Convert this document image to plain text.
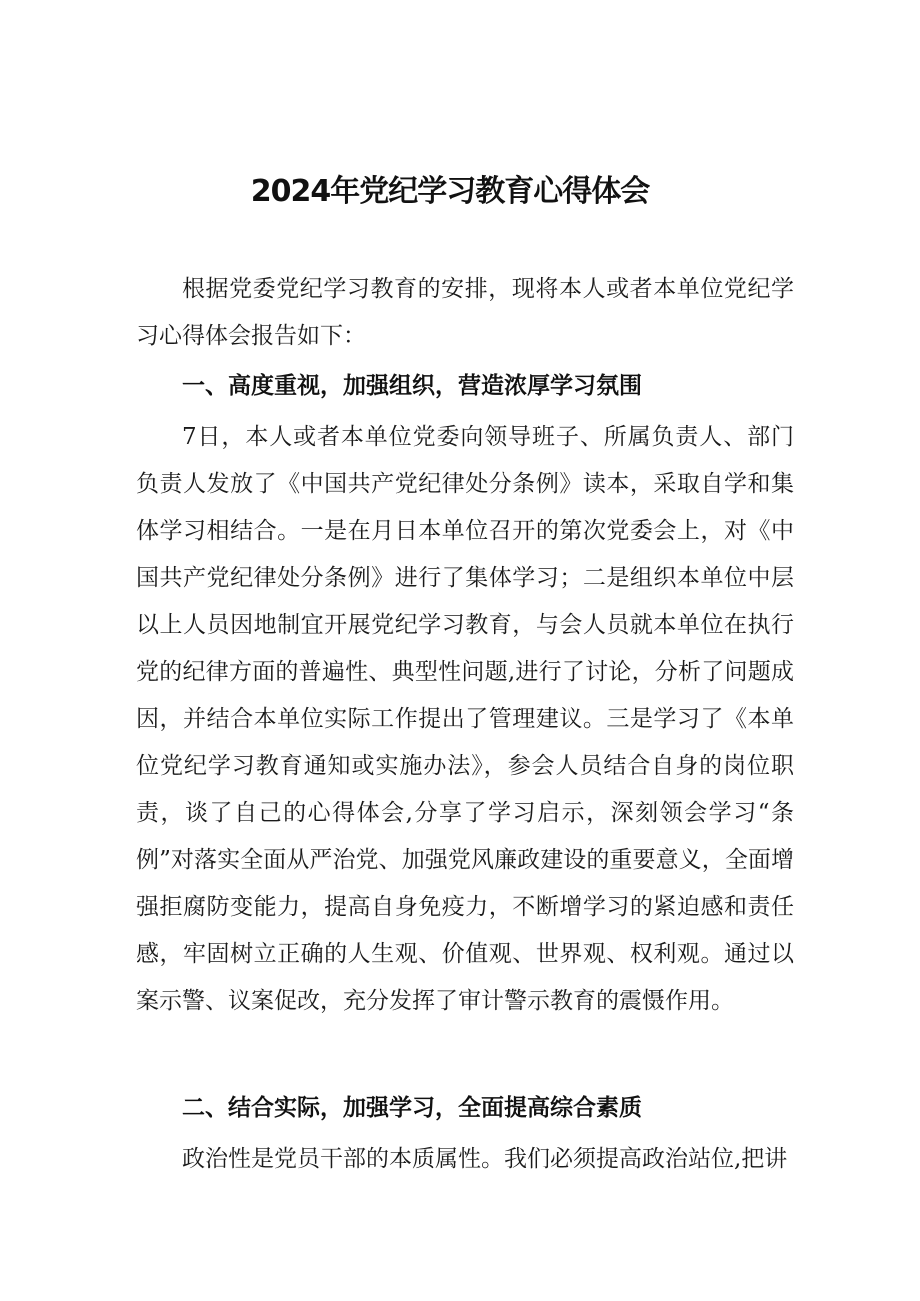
2024年党纪学习教育心得体会

根据党委党纪学习教育的安排，现将本人或者本单位党纪学习心得体会报告如下：

一、高度重视，加强组织，营造浓厚学习氛围

7日，本人或者本单位党委向领导班子、所属负责人、部门负责人发放了《中国共产党纪律处分条例》读本，采取自学和集体学习相结合。一是在月日本单位召开的第次党委会上，对《中国共产党纪律处分条例》进行了集体学习；二是组织本单位中层以上人员因地制宜开展党纪学习教育，与会人员就本单位在执行党的纪律方面的普遍性、典型性问题,进行了讨论，分析了问题成因，并结合本单位实际工作提出了管理建议。三是学习了《本单位党纪学习教育通知或实施办法》，参会人员结合自身的岗位职责，谈了自己的心得体会,分享了学习启示，深刻领会学习“条例”对落实全面从严治党、加强党风廉政建设的重要意义，全面增强拒腐防变能力，提高自身免疫力，不断增学习的紧迫感和责任感，牢固树立正确的人生观、价值观、世界观、权利观。通过以案示警、议案促改，充分发挥了审计警示教育的震慑作用。

二、结合实际，加强学习，全面提高综合素质

政治性是党员干部的本质属性。我们必须提高政治站位,把讲
